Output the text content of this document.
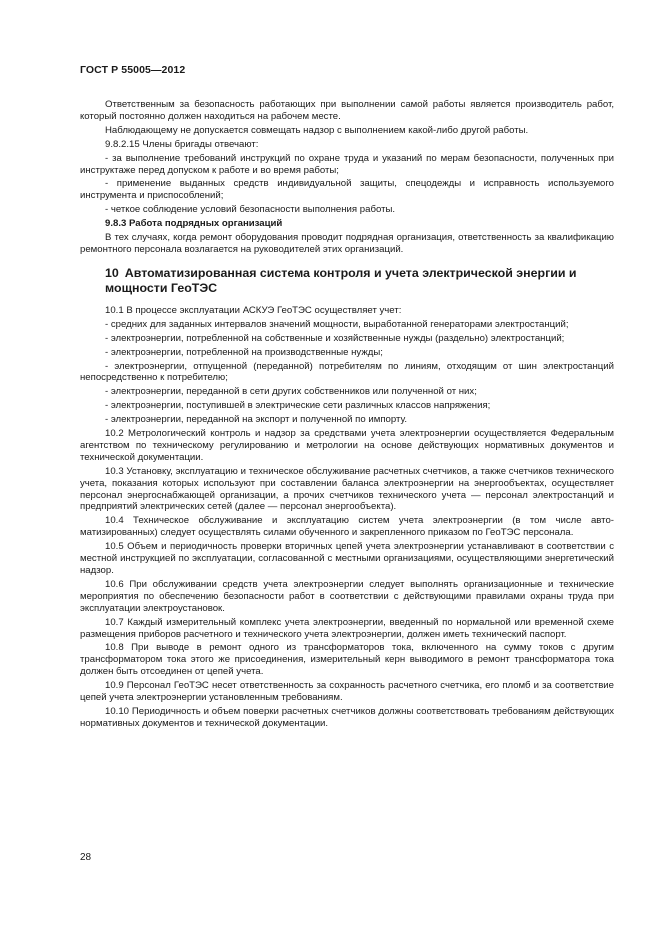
ГОСТ Р 55005—2012
Ответственным за безопасность работающих при выполнении самой работы является производитель работ, который постоянно должен находиться на рабочем месте.
Наблюдающему не допускается совмещать надзор с выполнением какой-либо другой работы.
9.8.2.15 Члены бригады отвечают:
- за выполнение требований инструкций по охране труда и указаний по мерам безопасности, полученных при инструктаже перед допуском к работе и во время работы;
- применение выданных средств индивидуальной защиты, спецодежды и исправность используемого инструмента и приспособлений;
- четкое соблюдение условий безопасности выполнения работы.
9.8.3 Работа подрядных организаций
В тех случаях, когда ремонт оборудования проводит подрядная организация, ответственность за квалификацию ремонтного персонала возлагается на руководителей этих организаций.
10 Автоматизированная система контроля и учета электрической энергии и мощности ГеоТЭС
10.1 В процессе эксплуатации АСКУЭ ГеоТЭС осуществляет учет:
- средних для заданных интервалов значений мощности, выработанной генераторами электростанций;
- электроэнергии, потребленной на собственные и хозяйственные нужды (раздельно) электростанций;
- электроэнергии, потребленной на производственные нужды;
- электроэнергии, отпущенной (переданной) потребителям по линиям, отходящим от шин электростанций непосредственно к потребителю;
- электроэнергии, переданной в сети других собственников или полученной от них;
- электроэнергии, поступившей в электрические сети различных классов напряжения;
- электроэнергии, переданной на экспорт и полученной по импорту.
10.2 Метрологический контроль и надзор за средствами учета электроэнергии осуществляется Федеральным агентством по техническому регулированию и метрологии на основе действующих нормативных документов и технической документации.
10.3 Установку, эксплуатацию и техническое обслуживание расчетных счетчиков, а также счетчиков технического учета, показания которых используют при составлении баланса электроэнергии на энергообъектах, осуществляет персонал энергоснабжающей организации, а прочих счетчиков технического учета — персонал электростанций и предприятий электрических сетей (далее — персонал энергообъекта).
10.4 Техническое обслуживание и эксплуатацию систем учета электроэнергии (в том числе автоматизированных) следует осуществлять силами обученного и закрепленного приказом по ГеоТЭС персонала.
10.5 Объем и периодичность проверки вторичных цепей учета электроэнергии устанавливают в соответствии с местной инструкцией по эксплуатации, согласованной с местными организациями, осуществляющими энергетический надзор.
10.6 При обслуживании средств учета электроэнергии следует выполнять организационные и технические мероприятия по обеспечению безопасности работ в соответствии с действующими правилами охраны труда при эксплуатации электроустановок.
10.7 Каждый измерительный комплекс учета электроэнергии, введенный по нормальной или временной схеме размещения приборов расчетного и технического учета электроэнергии, должен иметь технический паспорт.
10.8 При выводе в ремонт одного из трансформаторов тока, включенного на сумму токов с другим трансформатором тока этого же присоединения, измерительный керн выводимого в ремонт трансформатора тока должен быть отсоединен от цепей учета.
10.9 Персонал ГеоТЭС несет ответственность за сохранность расчетного счетчика, его пломб и за соответствие цепей учета электроэнергии установленным требованиям.
10.10 Периодичность и объем поверки расчетных счетчиков должны соответствовать требованиям действующих нормативных документов и технической документации.
28
